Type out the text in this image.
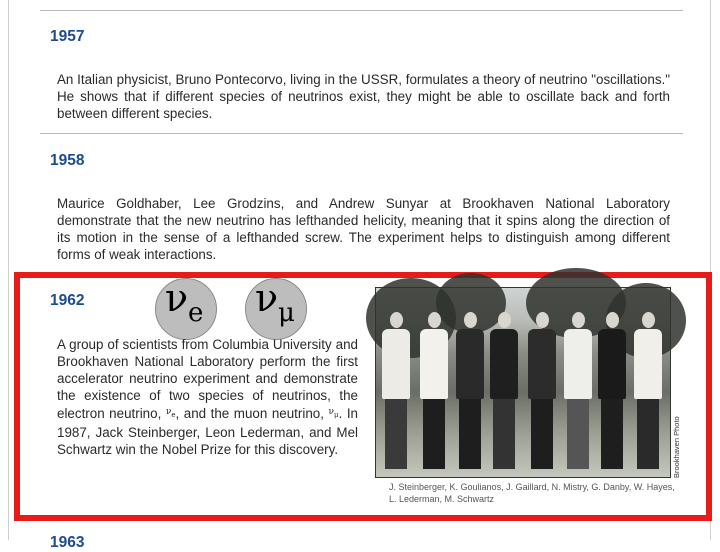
1957
An Italian physicist, Bruno Pontecorvo, living in the USSR, formulates a theory of neutrino "oscillations." He shows that if different species of neutrinos exist, they might be able to oscillate back and forth between different species.
1958
Maurice Goldhaber, Lee Grodzins, and Andrew Sunyar at Brookhaven National Laboratory demonstrate that the new neutrino has lefthanded helicity, meaning that it spins along the direction of its motion in the sense of a lefthanded screw. The experiment helps to distinguish among different forms of weak interactions.
1962 ν e ν μ
A group of scientists from Columbia University and Brookhaven National Laboratory perform the first accelerator neutrino experiment and demonstrate the existence of two species of neutrinos, the electron neutrino, $^{\nu_e}$, and the muon neutrino, $^{\nu_\mu}$. In 1987, Jack Steinberger, Leon Lederman, and Mel Schwartz win the Nobel Prize for this discovery.	Brookhaven Photo
J. Steinberger, K. Goulianos, J. Gaillard, N. Mistry, G. Danby, W. Hayes, L. Lederman, M. Schwartz
1963
